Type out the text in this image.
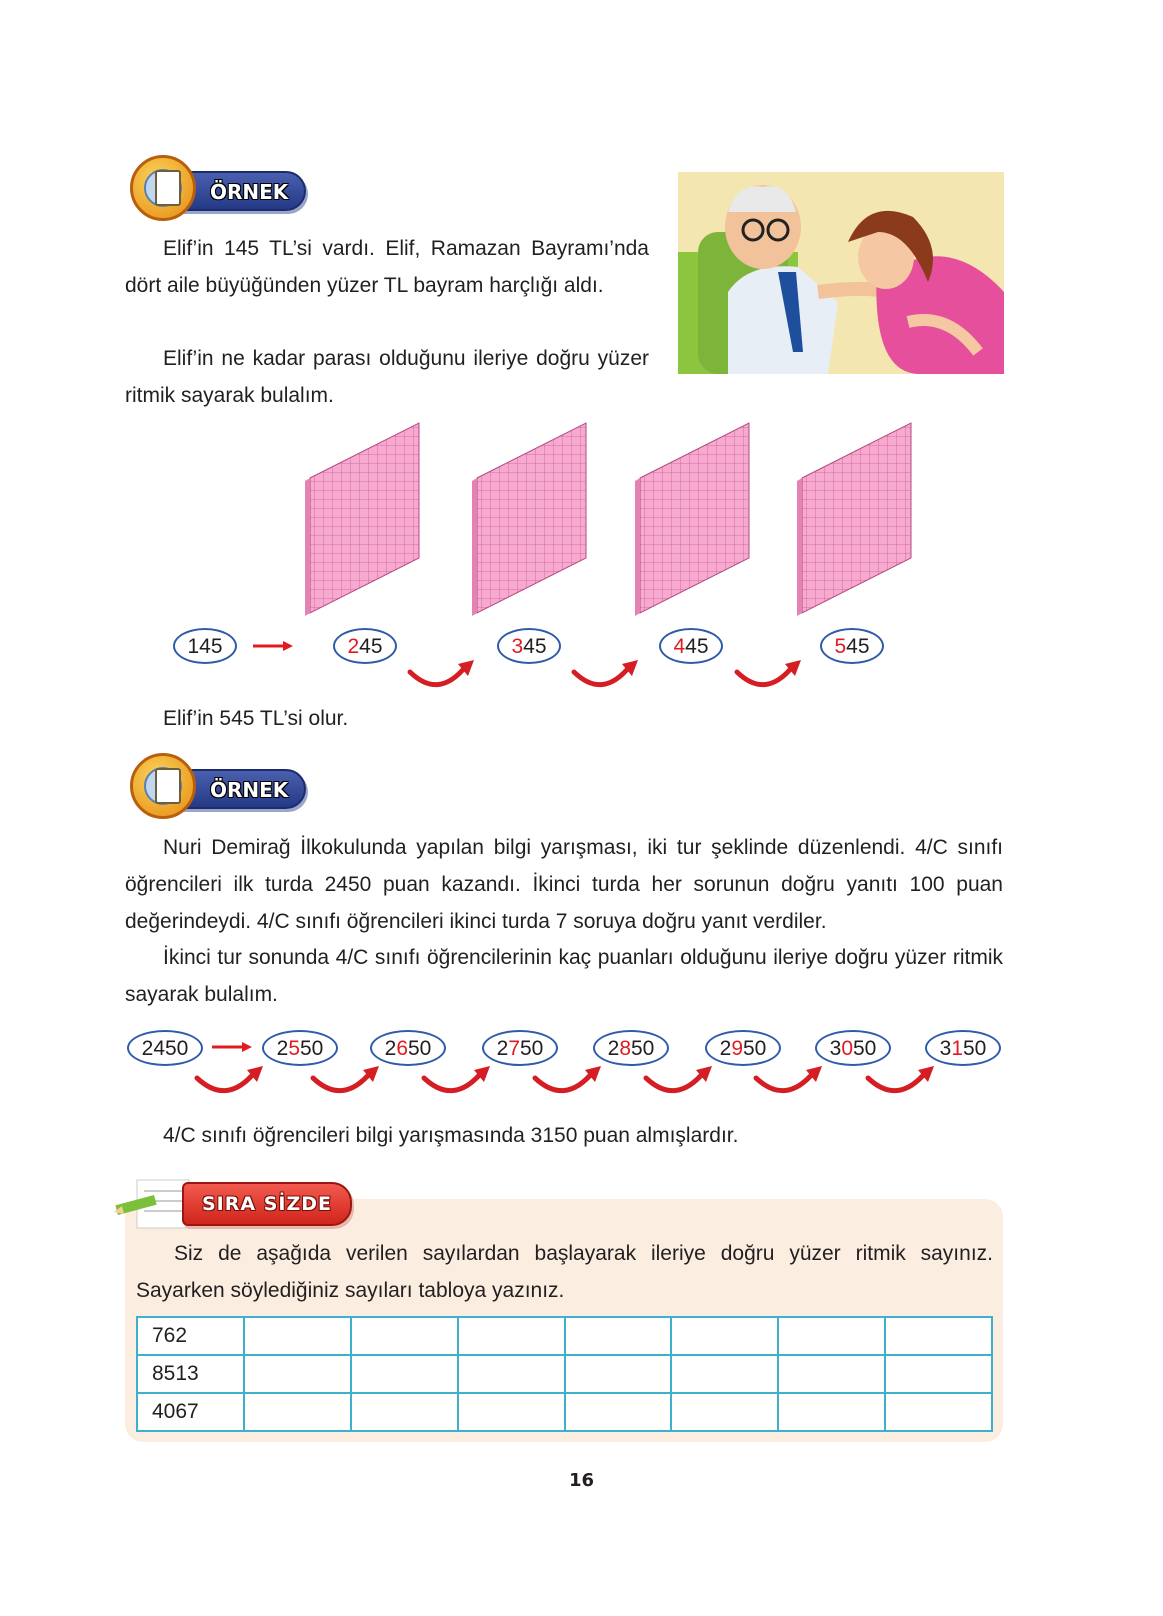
ÖRNEK

Elif’in 145 TL’si vardı. Elif, Ramazan Bayramı’nda dört aile büyüğünden yüzer TL bayram harçlığı aldı.

Elif’in ne kadar parası olduğunu ileriye doğru yüzer ritmik sayarak bulalım.

145	245	345	445	545

Elif’in 545 TL’si olur.

ÖRNEK

Nuri Demirağ İlkokulunda yapılan bilgi yarışması, iki tur şeklinde düzenlendi. 4/C sınıfı öğrencileri ilk turda 2450 puan kazandı. İkinci turda her sorunun doğru yanıtı 100 puan değerindeydi. 4/C sınıfı öğrencileri ikinci turda 7 soruya doğru yanıt verdiler.

İkinci tur sonunda 4/C sınıfı öğrencilerinin kaç puanları olduğunu ileriye doğru yüzer ritmik sayarak bulalım.

2450	2550	2650	2750	2850	2950	3050	3150

4/C sınıfı öğrencileri bilgi yarışmasında 3150 puan almışlardır.

SIRA SİZDE

Siz de aşağıda verilen sayılardan başlayarak ileriye doğru yüzer ritmik sayınız. Sayarken söylediğiniz sayıları tabloya yazınız.

762							
8513							
4067							
16
